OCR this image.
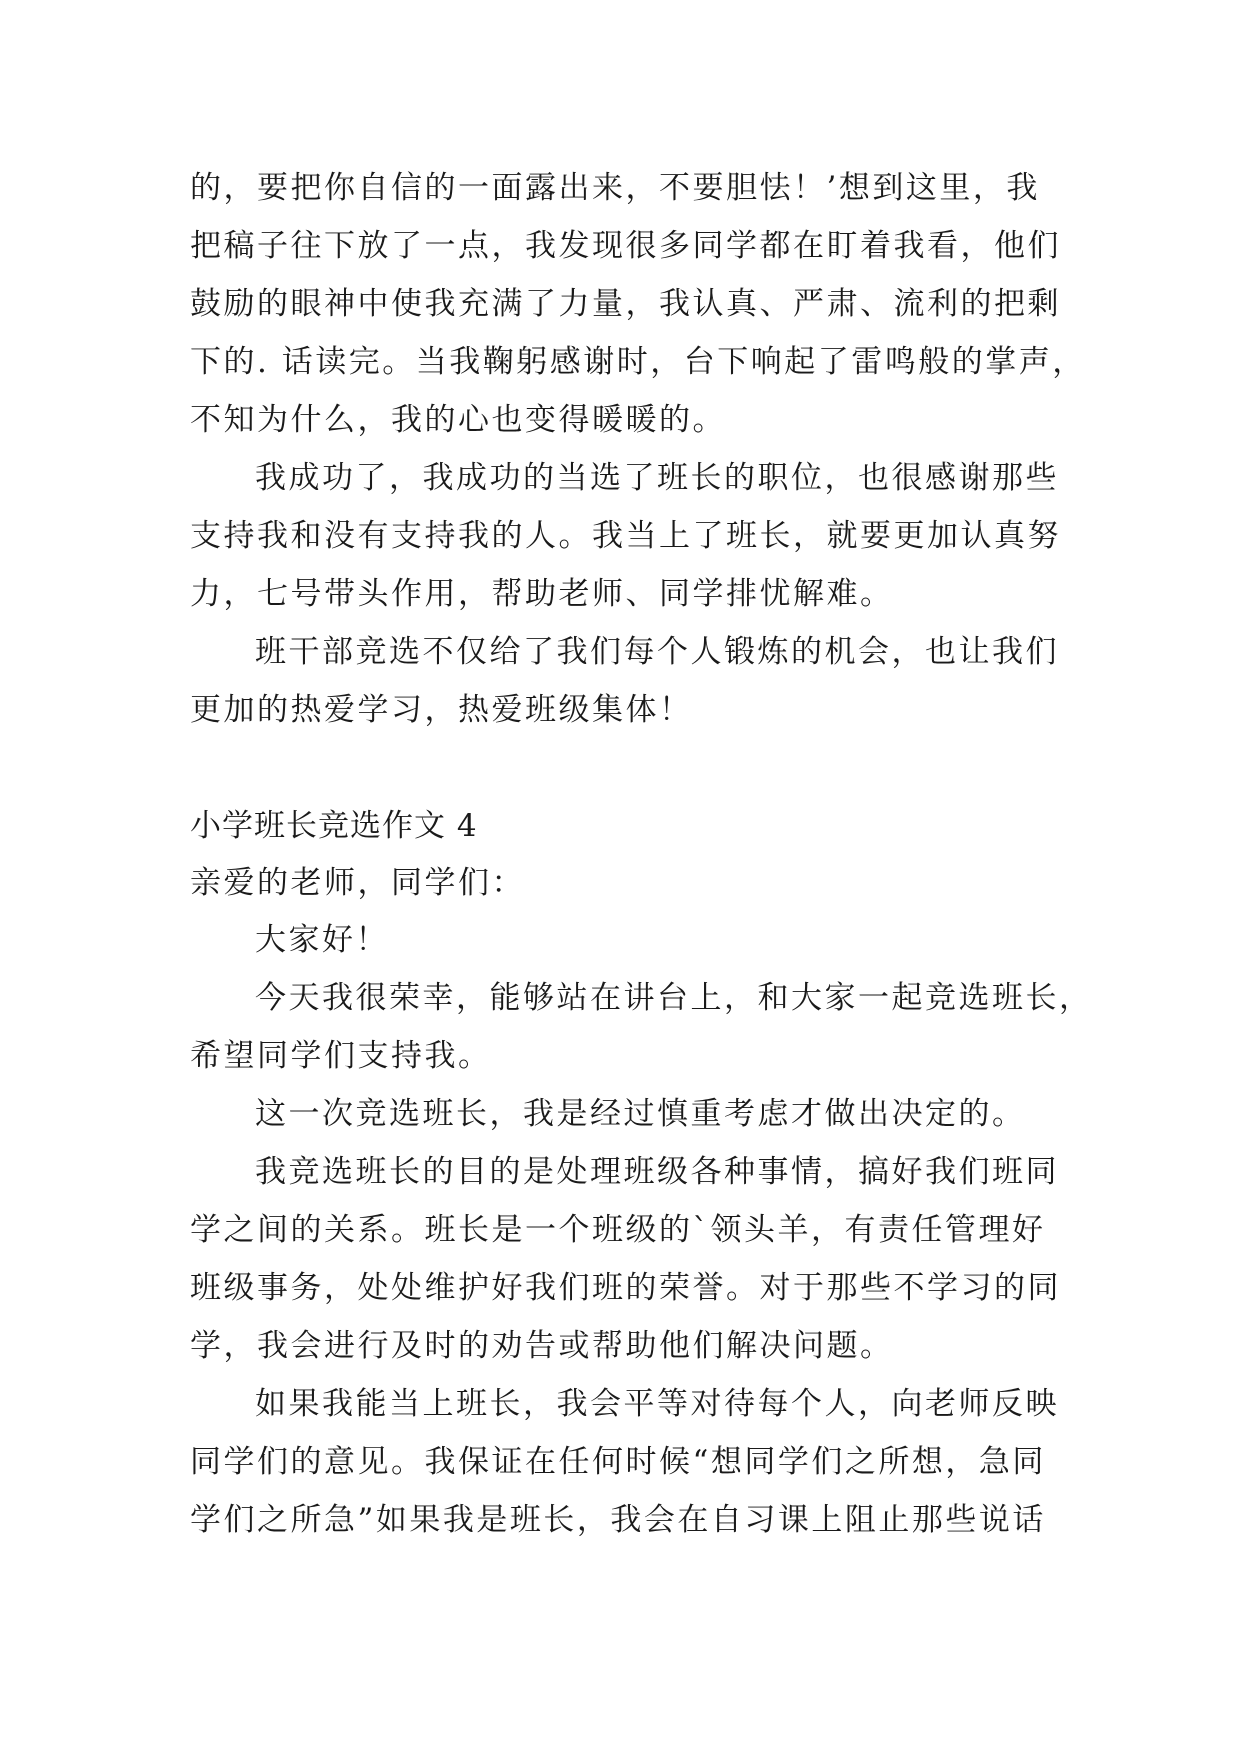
的，要把你自信的一面露出来，不要胆怯！’想到这里，我
把稿子往下放了一点，我发现很多同学都在盯着我看，他们
鼓励的眼神中使我充满了力量，我认真、严肃、流利的把剩
下的. 话读完。当我鞠躬感谢时，台下响起了雷鸣般的掌声，
不知为什么，我的心也变得暖暖的。
我成功了，我成功的当选了班长的职位，也很感谢那些
支持我和没有支持我的人。我当上了班长，就要更加认真努
力，七号带头作用，帮助老师、同学排忧解难。
班干部竞选不仅给了我们每个人锻炼的机会，也让我们
更加的热爱学习，热爱班级集体！
小学班长竞选作文 4
亲爱的老师，同学们：
大家好！
今天我很荣幸，能够站在讲台上，和大家一起竞选班长，
希望同学们支持我。
这一次竞选班长，我是经过慎重考虑才做出决定的。
我竞选班长的目的是处理班级各种事情，搞好我们班同
学之间的关系。班长是一个班级的`领头羊，有责任管理好
班级事务，处处维护好我们班的荣誉。对于那些不学习的同
学，我会进行及时的劝告或帮助他们解决问题。
如果我能当上班长，我会平等对待每个人，向老师反映
同学们的意见。我保证在任何时候“想同学们之所想，急同
学们之所急”如果我是班长，我会在自习课上阻止那些说话
